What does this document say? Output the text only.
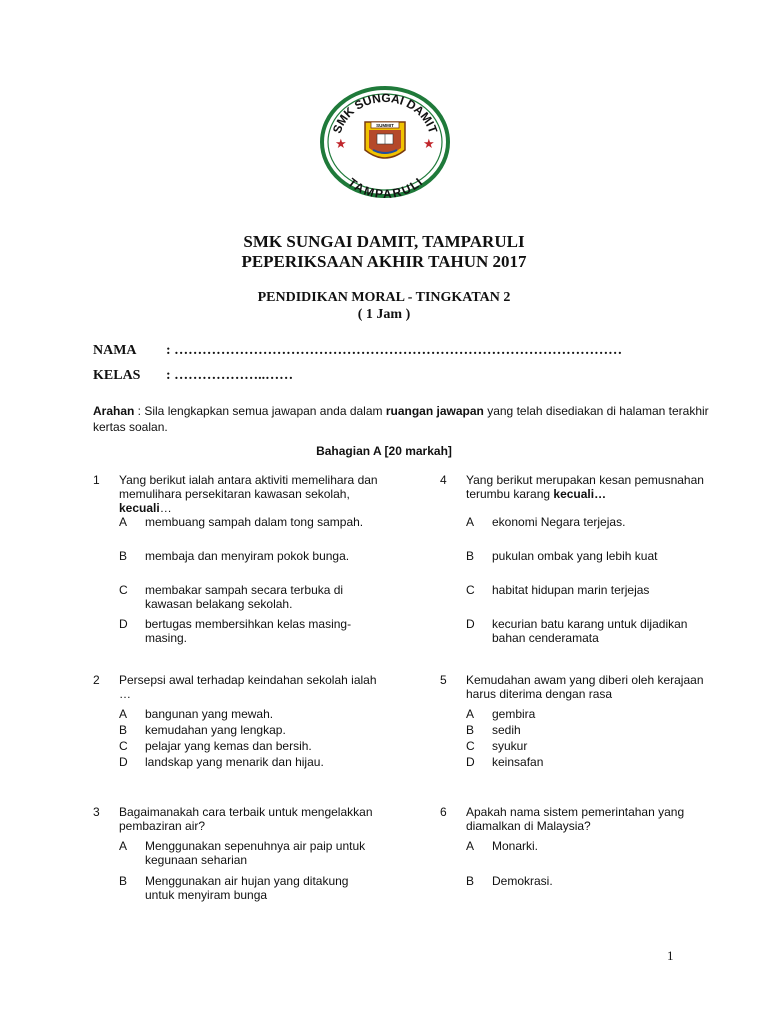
SMK SUNGAI DAMIT
TAMPARULI
★	★
SUMMIT
SMK SUNGAI DAMIT, TAMPARULI
PEPERIKSAAN AKHIR TAHUN 2017
PENDIDIKAN MORAL - TINGKATAN 2
( 1 Jam )
NAMA : ……………………………………………………………………………………
KELAS : ………………..……
Arahan : Sila lengkapkan semua jawapan anda dalam ruangan jawapan yang telah disediakan di halaman terakhir kertas soalan.
Bahagian A [20 markah]
1 Yang berikut ialah antara aktiviti memelihara dan memulihara persekitaran kawasan sekolah, kecuali…
A membuang sampah dalam tong sampah.
B membaja dan menyiram pokok bunga.
C membakar sampah secara terbuka di kawasan belakang sekolah.
D bertugas membersihkan kelas masing-masing.
2 Persepsi awal terhadap keindahan sekolah ialah …
A bangunan yang mewah.
B kemudahan yang lengkap.
C pelajar yang kemas dan bersih.
D landskap yang menarik dan hijau.
3 Bagaimanakah cara terbaik untuk mengelakkan pembaziran air?
A Menggunakan sepenuhnya air paip untuk kegunaan seharian
B Menggunakan air hujan yang ditakung untuk menyiram bunga
4 Yang berikut merupakan kesan pemusnahan terumbu karang kecuali…
A ekonomi Negara terjejas.
B pukulan ombak yang lebih kuat
C habitat hidupan marin terjejas
D kecurian batu karang untuk dijadikan bahan cenderamata
5 Kemudahan awam yang diberi oleh kerajaan harus diterima dengan rasa
A gembira
B sedih
C syukur
D keinsafan
6 Apakah nama sistem pemerintahan yang diamalkan di Malaysia?
A Monarki.
B Demokrasi.
1
